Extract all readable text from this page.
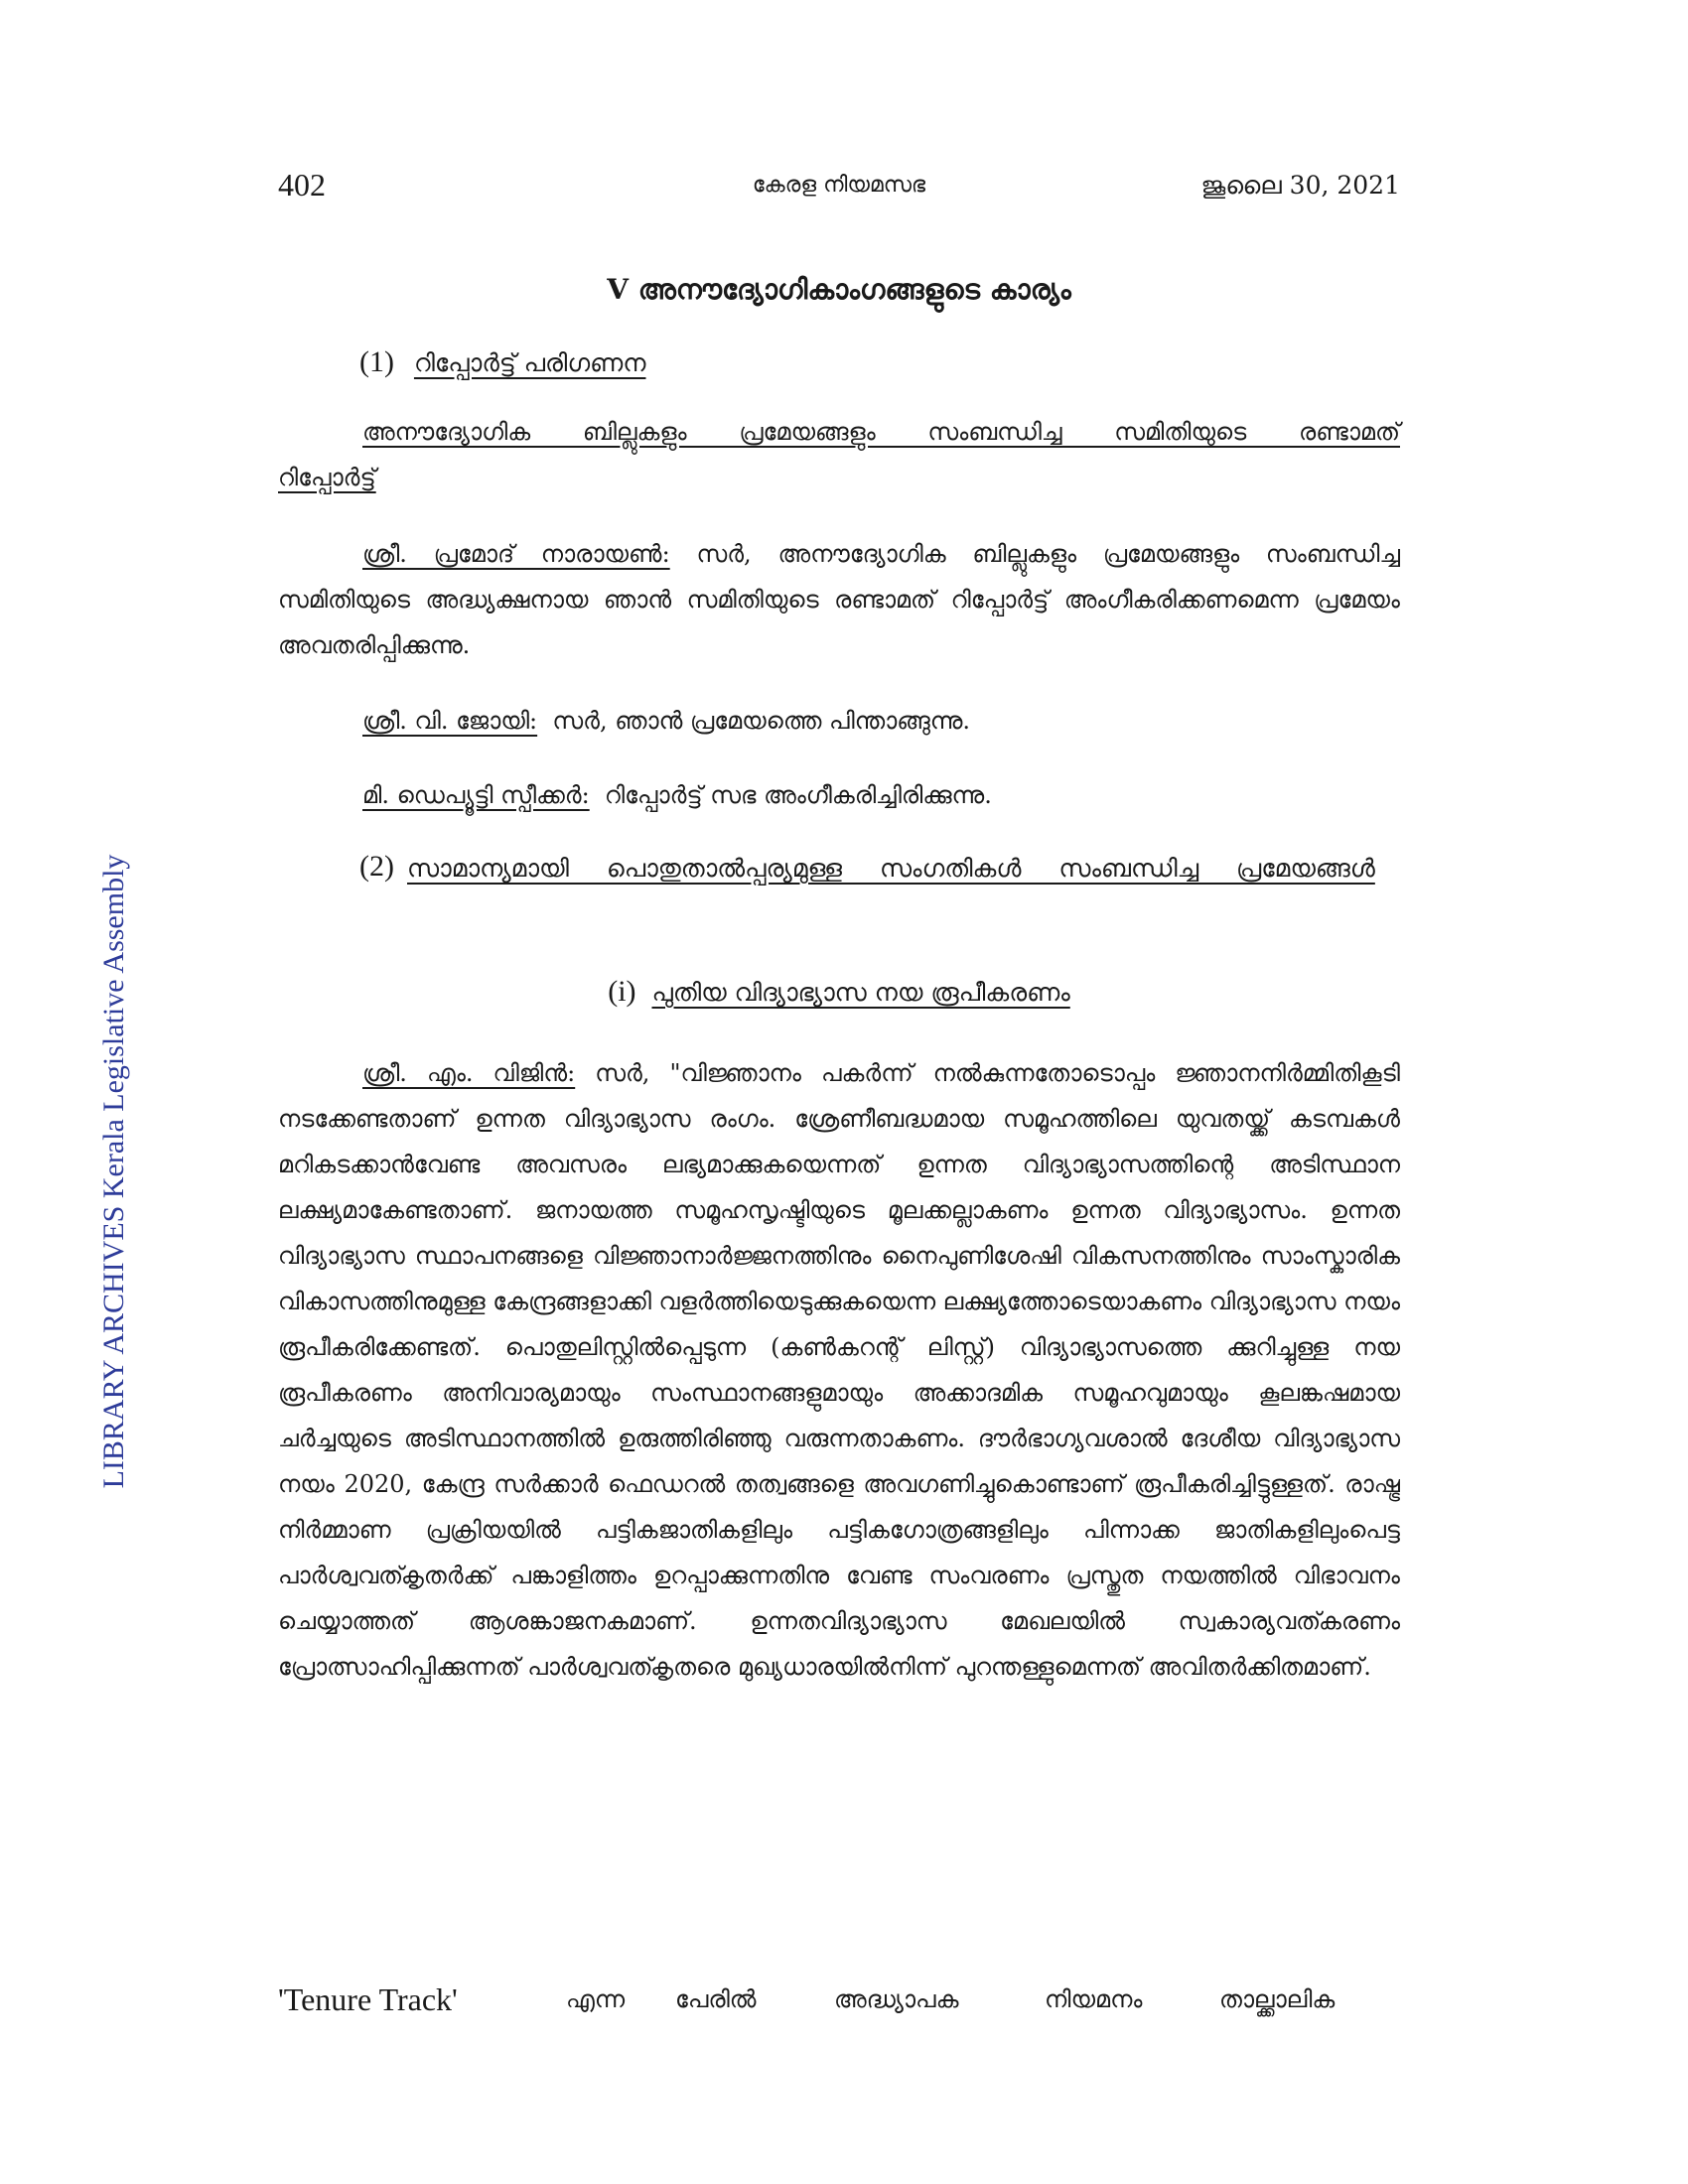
402	കേരള നിയമസഭ	ജൂലൈ 30, 2021
LIBRARY ARCHIVES Kerala Legislative Assembly
V അനൗദ്യോഗികാംഗങ്ങളുടെ കാര്യം
(1) റിപ്പോർട്ട് പരിഗണന
അനൗദ്യോഗിക ബില്ലുകളും പ്രമേയങ്ങളും സംബന്ധിച്ച സമിതിയുടെ രണ്ടാമത് റിപ്പോർട്ട്
ശ്രീ. പ്രമോദ് നാരായൺ: സർ, അനൗദ്യോഗിക ബില്ലുകളും പ്രമേയങ്ങളും സംബന്ധിച്ച സമിതിയുടെ അദ്ധ്യക്ഷനായ ഞാൻ സമിതിയുടെ രണ്ടാമത് റിപ്പോർട്ട് അംഗീകരിക്കണമെന്ന പ്രമേയം അവതരിപ്പിക്കുന്നു.
ശ്രീ. വി. ജോയി:  സർ, ഞാൻ പ്രമേയത്തെ പിന്താങ്ങുന്നു.
മി. ഡെപ്യൂട്ടി സ്പീക്കർ:  റിപ്പോർട്ട് സഭ അംഗീകരിച്ചിരിക്കുന്നു.
(2) സാമാന്യമായി പൊതുതാൽപ്പര്യമുള്ള സംഗതികൾ സംബന്ധിച്ച പ്രമേയങ്ങൾ
(i) പുതിയ വിദ്യാഭ്യാസ നയ രൂപീകരണം
ശ്രീ. എം. വിജിൻ: സർ, "വിജ്ഞാനം പകർന്ന് നൽകുന്നതോടൊപ്പം ജ്ഞാനനിർമ്മിതികൂടി നടക്കേണ്ടതാണ് ഉന്നത വിദ്യാഭ്യാസ രംഗം. ശ്രേണീബദ്ധമായ സമൂഹത്തിലെ യുവതയ്ക്ക് കടമ്പകൾ മറികടക്കാൻവേണ്ട അവസരം ലഭ്യമാക്കുകയെന്നത് ഉന്നത വിദ്യാഭ്യാസത്തിന്റെ അടിസ്ഥാന ലക്ഷ്യമാകേണ്ടതാണ്. ജനായത്ത സമൂഹസൃഷ്ടിയുടെ മൂലക്കല്ലാകണം ഉന്നത വിദ്യാഭ്യാസം. ഉന്നത വിദ്യാഭ്യാസ സ്ഥാപനങ്ങളെ വിജ്ഞാനാർജ്ജനത്തിനും നൈപുണിശേഷി വികസനത്തിനും സാംസ്കാരിക വികാസത്തിനുമുള്ള കേന്ദ്രങ്ങളാക്കി വളർത്തിയെടുക്കുകയെന്ന ലക്ഷ്യത്തോടെയാകണം വിദ്യാഭ്യാസ നയം രൂപീകരിക്കേണ്ടത്. പൊതുലിസ്റ്റിൽപ്പെടുന്ന (കൺകറന്റ് ലിസ്റ്റ്) വിദ്യാഭ്യാസത്തെ ക്കുറിച്ചുള്ള നയ രൂപീകരണം അനിവാര്യമായും സംസ്ഥാനങ്ങളുമായും അക്കാദമിക സമൂഹവുമായും കൂലങ്കഷമായ ചർച്ചയുടെ അടിസ്ഥാനത്തിൽ ഉരുത്തിരിഞ്ഞു വരുന്നതാകണം. ദൗർഭാഗ്യവശാൽ ദേശീയ വിദ്യാഭ്യാസ നയം 2020, കേന്ദ്ര സർക്കാർ ഫെഡറൽ തത്വങ്ങളെ അവഗണിച്ചുകൊണ്ടാണ് രൂപീകരിച്ചിട്ടുള്ളത്. രാഷ്ട്ര നിർമ്മാണ പ്രക്രിയയിൽ പട്ടികജാതികളിലും പട്ടികഗോത്രങ്ങളിലും പിന്നാക്ക ജാതികളിലുംപെട്ട പാർശ്വവത്കൃതർക്ക് പങ്കാളിത്തം ഉറപ്പാക്കുന്നതിനു വേണ്ട സംവരണം പ്രസ്തുത നയത്തിൽ വിഭാവനം ചെയ്യാത്തത് ആശങ്കാജനകമാണ്. ഉന്നതവിദ്യാഭ്യാസ മേഖലയിൽ സ്വകാര്യവത്കരണം പ്രോത്സാഹിപ്പിക്കുന്നത് പാർശ്വവത്കൃതരെ മുഖ്യധാരയിൽനിന്ന് പുറന്തള്ളുമെന്നത് അവിതർക്കിതമാണ്.
'Tenure Track'	എന്ന പേരിൽ	അദ്ധ്യാപക	നിയമനം	താല്ക്കാലിക
